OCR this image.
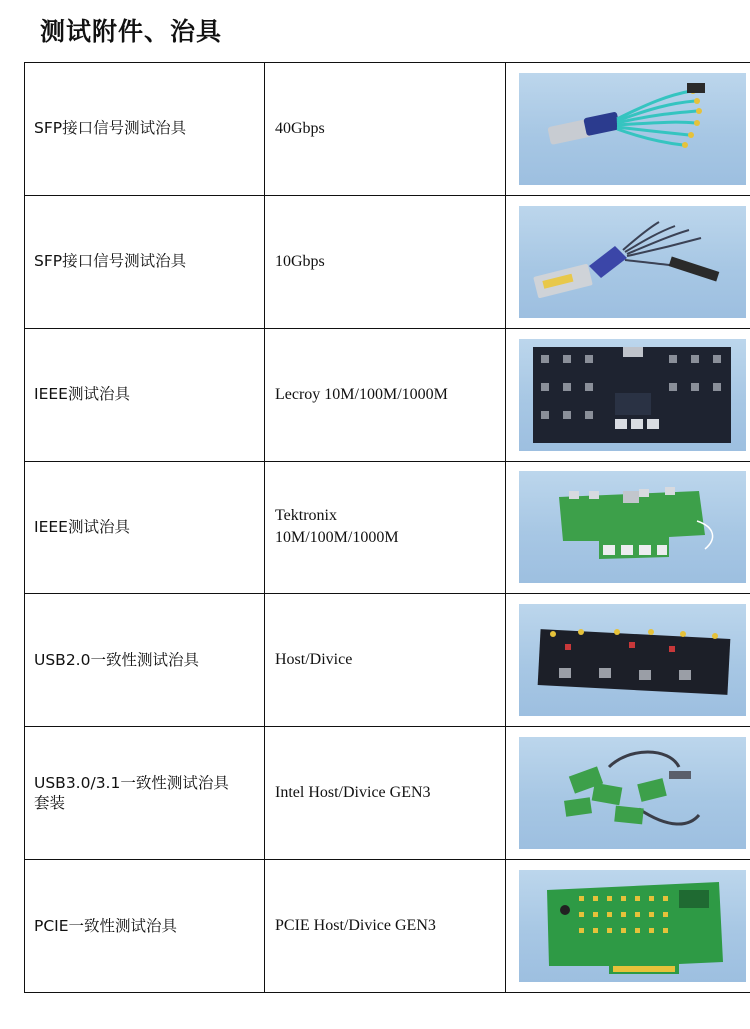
测试附件、治具
SFP接口信号测试治具	40Gbps	

SFP接口信号测试治具	10Gbps	

IEEE测试治具	Lecroy 10M/100M/1000M	

IEEE测试治具	Tektronix 10M/100M/1000M	

USB2.0一致性测试治具	Host/Divice	

USB3.0/3.1一致性测试治具套装	Intel Host/Divice GEN3	

PCIE一致性测试治具	PCIE Host/Divice GEN3	
